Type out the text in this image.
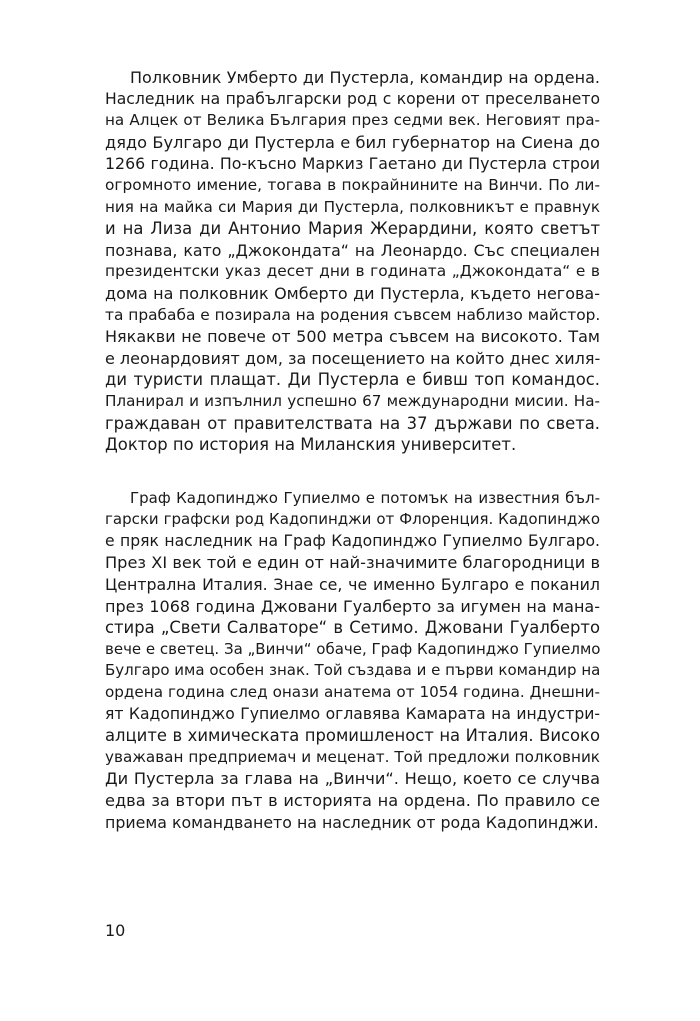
Полковник Умберто ди Пустерла, командир на ордена.
Наследник на прабългарски род с корени от преселването
на Алцек от Велика България през седми век. Неговият пра-
дядо Булгаро ди Пустерла е бил губернатор на Сиена до
1266 година. По-късно Маркиз Гаетано ди Пустерла строи
огромното имение, тогава в покрайнините на Винчи. По ли-
ния на майка си Мария ди Пустерла, полковникът е правнук
и на Лиза ди Антонио Мария Жерардини, която светът
познава, като „Джокондата“ на Леонардо. Със специален
президентски указ десет дни в годината „Джокондата“ е в
дома на полковник Омберто ди Пустерла, където негова-
та прабаба е позирала на родения съвсем наблизо майстор.
Някакви не повече от 500 метра съвсем на високото. Там
е леонардовият дом, за посещението на който днес хиля-
ди туристи плащат. Ди Пустерла е бивш топ командос.
Планирал и изпълнил успешно 67 международни мисии. На-
граждаван от правителствата на 37 държави по света.
Доктор по история на Миланския университет.
Граф Кадопинджо Гупиелмо е потомък на известния бъл-
гарски графски род Кадопинджи от Флоренция. Кадопинджо
е пряк наследник на Граф Кадопинджо Гупиелмо Булгаро.
През XI век той е един от най-значимите благородници в
Централна Италия. Знае се, че именно Булгаро е поканил
през 1068 година Джовани Гуалберто за игумен на мана-
стира „Свети Салваторе“ в Сетимо. Джовани Гуалберто
вече е светец. За „Винчи“ обаче, Граф Кадопинджо Гупиелмо
Булгаро има особен знак. Той създава и е първи командир на
ордена година след онази анатема от 1054 година. Днешни-
ят Кадопинджо Гупиелмо оглавява Камарата на индустри-
алците в химическата промишленост на Италия. Високо
уважаван предприемач и меценат. Той предложи полковник
Ди Пустерла за глава на „Винчи“. Нещо, което се случва
едва за втори път в историята на ордена. По правило се
приема командването на наследник от рода Кадопинджи.
10
